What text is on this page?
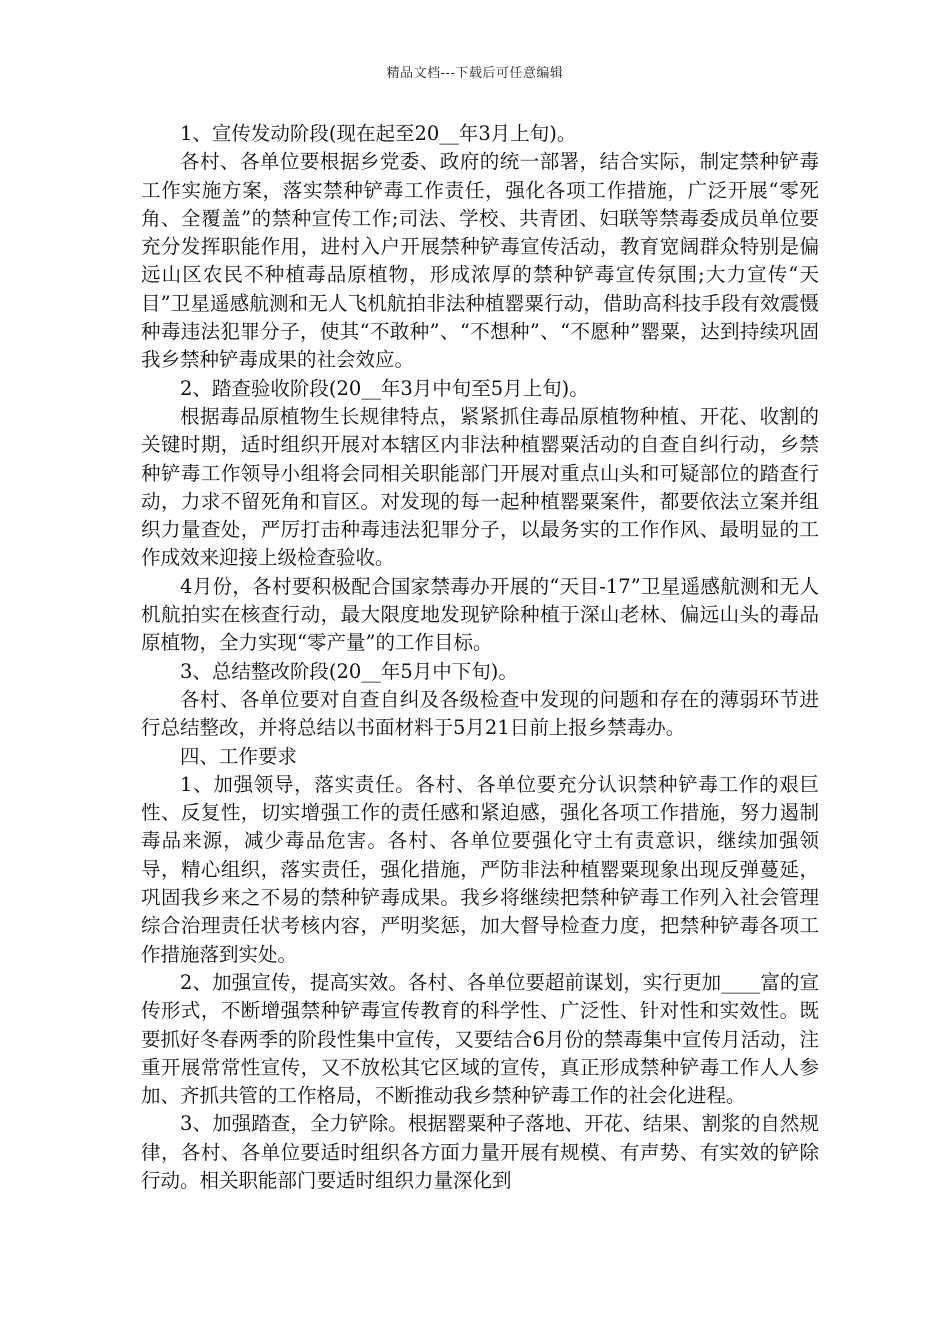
精品文档---下载后可任意编辑

1、宣传发动阶段(现在起至20__年3月上旬)。

各村、各单位要根据乡党委、政府的统一部署，结合实际，制定禁种铲毒工作实施方案，落实禁种铲毒工作责任，强化各项工作措施，广泛开展“零死角、全覆盖”的禁种宣传工作;司法、学校、共青团、妇联等禁毒委成员单位要充分发挥职能作用，进村入户开展禁种铲毒宣传活动，教育宽阔群众特别是偏远山区农民不种植毒品原植物，形成浓厚的禁种铲毒宣传氛围;大力宣传“天目”卫星遥感航测和无人飞机航拍非法种植罂粟行动，借助高科技手段有效震慑种毒违法犯罪分子，使其“不敢种”、“不想种”、“不愿种”罂粟，达到持续巩固我乡禁种铲毒成果的社会效应。

2、踏查验收阶段(20__年3月中旬至5月上旬)。

根据毒品原植物生长规律特点，紧紧抓住毒品原植物种植、开花、收割的关键时期，适时组织开展对本辖区内非法种植罂粟活动的自查自纠行动，乡禁种铲毒工作领导小组将会同相关职能部门开展对重点山头和可疑部位的踏查行动，力求不留死角和盲区。对发现的每一起种植罂粟案件，都要依法立案并组织力量查处，严厉打击种毒违法犯罪分子，以最务实的工作作风、最明显的工作成效来迎接上级检查验收。

4月份，各村要积极配合国家禁毒办开展的“天目-17”卫星遥感航测和无人机航拍实在核查行动，最大限度地发现铲除种植于深山老林、偏远山头的毒品原植物，全力实现“零产量”的工作目标。

3、总结整改阶段(20__年5月中下旬)。

各村、各单位要对自查自纠及各级检查中发现的问题和存在的薄弱环节进行总结整改，并将总结以书面材料于5月21日前上报乡禁毒办。

四、工作要求

1、加强领导，落实责任。各村、各单位要充分认识禁种铲毒工作的艰巨性、反复性，切实增强工作的责任感和紧迫感，强化各项工作措施，努力遏制毒品来源，减少毒品危害。各村、各单位要强化守土有责意识，继续加强领导，精心组织，落实责任，强化措施，严防非法种植罂粟现象出现反弹蔓延，巩固我乡来之不易的禁种铲毒成果。我乡将继续把禁种铲毒工作列入社会管理综合治理责任状考核内容，严明奖惩，加大督导检查力度，把禁种铲毒各项工作措施落到实处。

2、加强宣传，提高实效。各村、各单位要超前谋划，实行更加____富的宣传形式，不断增强禁种铲毒宣传教育的科学性、广泛性、针对性和实效性。既要抓好冬春两季的阶段性集中宣传，又要结合6月份的禁毒集中宣传月活动，注重开展常常性宣传，又不放松其它区域的宣传，真正形成禁种铲毒工作人人参加、齐抓共管的工作格局，不断推动我乡禁种铲毒工作的社会化进程。

3、加强踏查，全力铲除。根据罂粟种子落地、开花、结果、割浆的自然规律，各村、各单位要适时组织各方面力量开展有规模、有声势、有实效的铲除行动。相关职能部门要适时组织力量深化到
